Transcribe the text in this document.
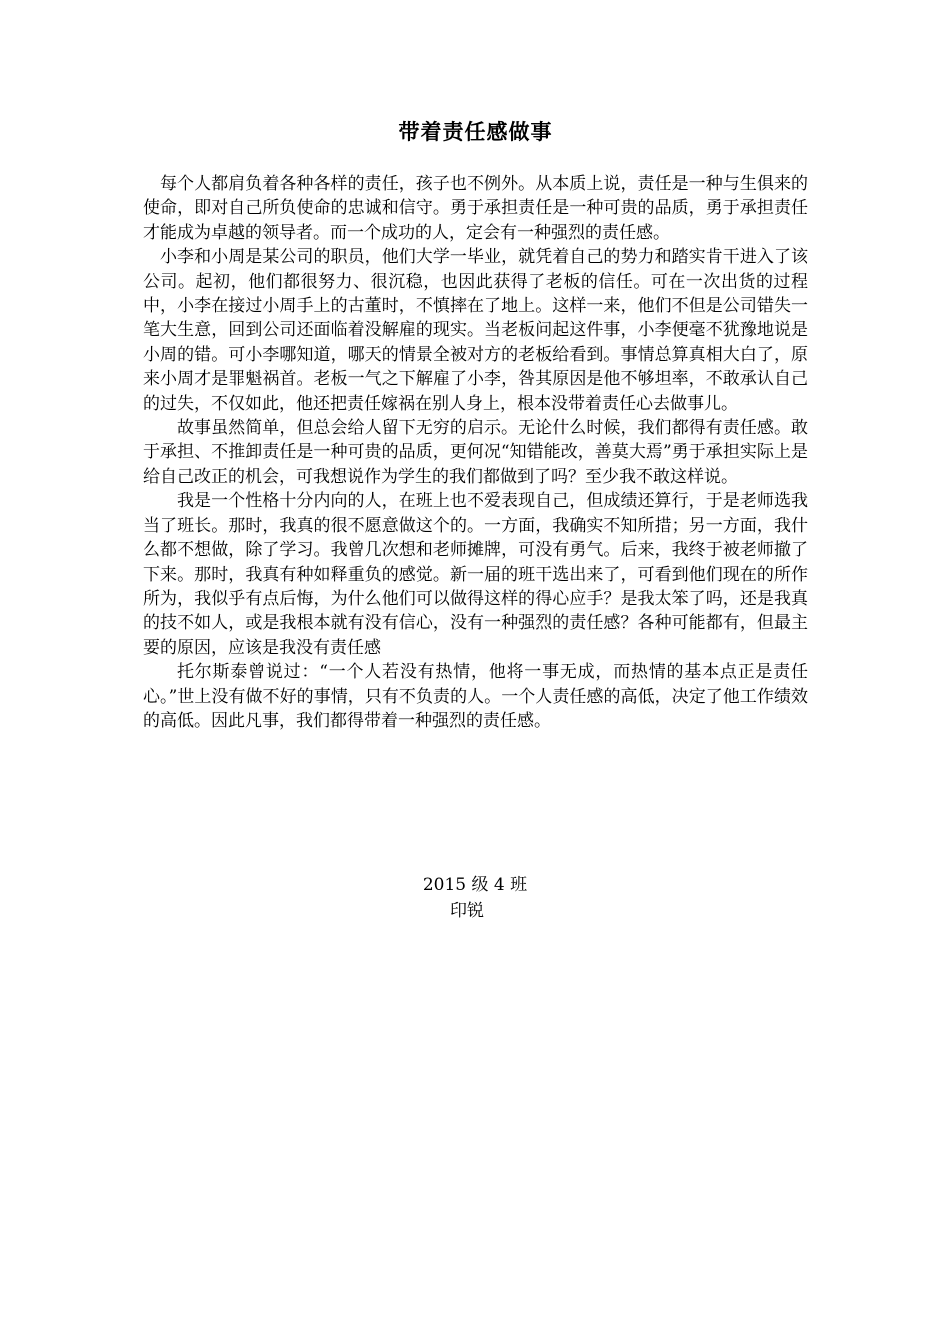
带着责任感做事

每个人都肩负着各种各样的责任，孩子也不例外。从本质上说，责任是一种与生俱来的使命，即对自己所负使命的忠诚和信守。勇于承担责任是一种可贵的品质，勇于承担责任才能成为卓越的领导者。而一个成功的人，定会有一种强烈的责任感。

小李和小周是某公司的职员，他们大学一毕业，就凭着自己的势力和踏实肯干进入了该公司。起初，他们都很努力、很沉稳，也因此获得了老板的信任。可在一次出货的过程中，小李在接过小周手上的古董时，不慎摔在了地上。这样一来，他们不但是公司错失一笔大生意，回到公司还面临着没解雇的现实。当老板问起这件事，小李便毫不犹豫地说是小周的错。可小李哪知道，哪天的情景全被对方的老板给看到。事情总算真相大白了，原来小周才是罪魁祸首。老板一气之下解雇了小李，咎其原因是他不够坦率，不敢承认自己的过失，不仅如此，他还把责任嫁祸在别人身上，根本没带着责任心去做事儿。

故事虽然简单，但总会给人留下无穷的启示。无论什么时候，我们都得有责任感。敢于承担、不推卸责任是一种可贵的品质，更何况“知错能改，善莫大焉”勇于承担实际上是给自己改正的机会，可我想说作为学生的我们都做到了吗？至少我不敢这样说。

我是一个性格十分内向的人，在班上也不爱表现自己，但成绩还算行，于是老师选我当了班长。那时，我真的很不愿意做这个的。一方面，我确实不知所措；另一方面，我什么都不想做，除了学习。我曾几次想和老师摊牌，可没有勇气。后来，我终于被老师撤了下来。那时，我真有种如释重负的感觉。新一届的班干选出来了，可看到他们现在的所作所为，我似乎有点后悔，为什么他们可以做得这样的得心应手？是我太笨了吗，还是我真的技不如人，或是我根本就有没有信心，没有一种强烈的责任感？各种可能都有，但最主要的原因，应该是我没有责任感

托尔斯泰曾说过：“一个人若没有热情，他将一事无成，而热情的基本点正是责任心。”世上没有做不好的事情，只有不负责的人。一个人责任感的高低，决定了他工作绩效的高低。因此凡事，我们都得带着一种强烈的责任感。

2015 级 4 班
印锐
